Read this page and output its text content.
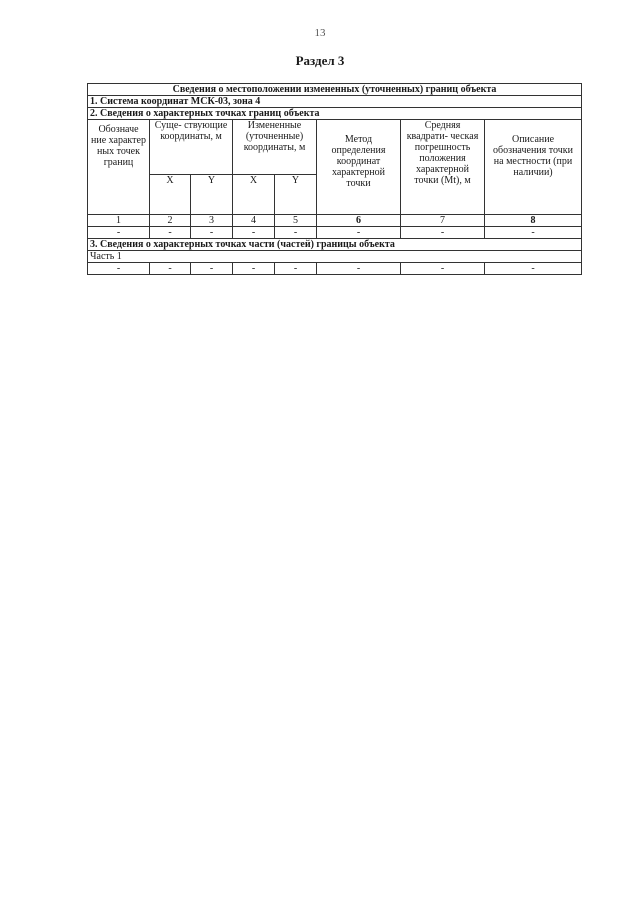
13
Раздел 3
Сведения о местоположении измененных (уточненных) границ объекта							
1. Система координат МСК-03, зона 4							
2. Сведения о характерных точках границ объекта							
Обозначе ние характер ных точек границ	Суще- ствующие координаты, м		Измененные (уточненные) координаты, м		Метод определения координат характерной точки	Средняя квадрати- ческая погрешность положения характерной точки (Mt), м	Описание обозначения точки на местности (при наличии)
	X	Y	X	Y			
1	2	3	4	5	6	7	8
-	-	-	-	-	-	-	-
3. Сведения о характерных точках части (частей) границы объекта							
Часть 1							
-	-	-	-	-	-	-	-
